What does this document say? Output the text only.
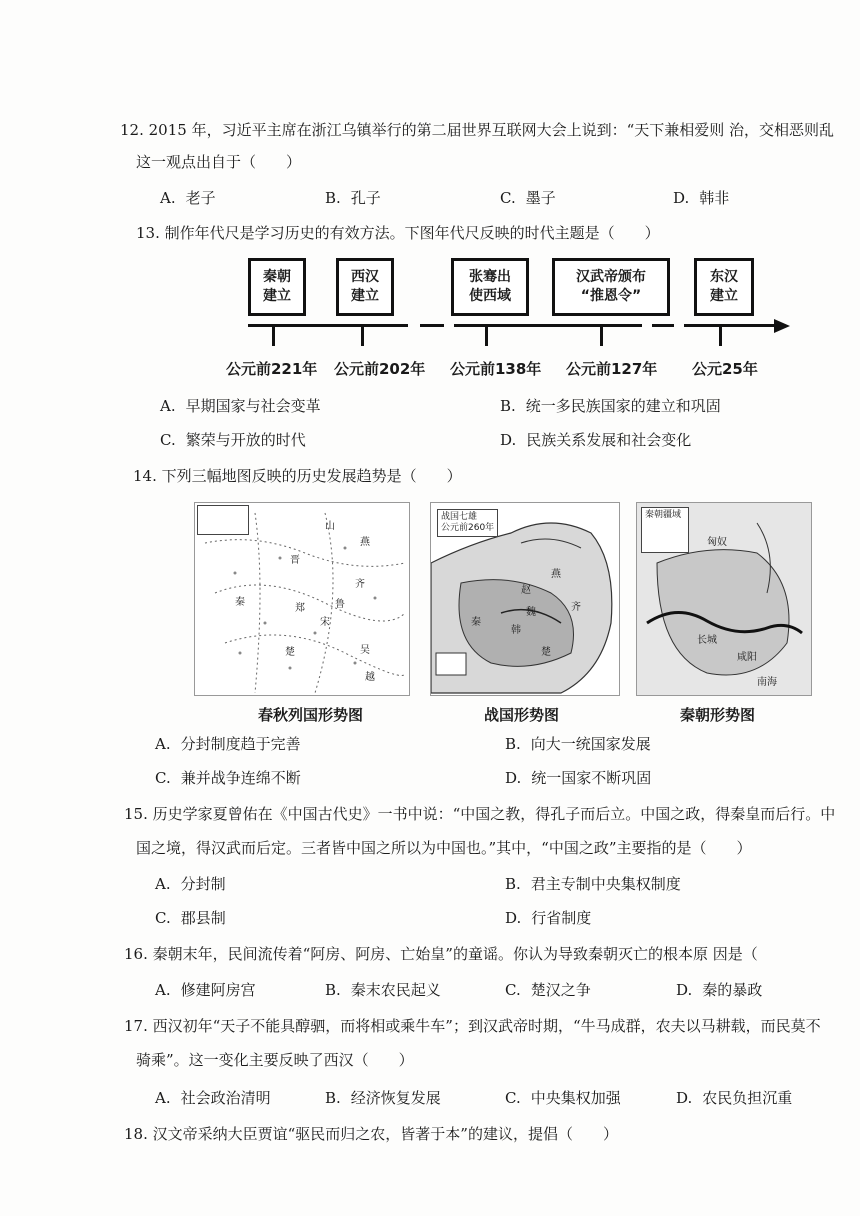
12. 2015 年，习近平主席在浙江乌镇举行的第二届世界互联网大会上说到：“天下兼相爱则 治，交相恶则乱
这一观点出自于（　　）
A. 老子	B. 孔子	C. 墨子	D. 韩非
13. 制作年代尺是学习历史的有效方法。下图年代尺反映的时代主题是（　　）
秦朝
建立
西汉
建立
张骞出
使西域
汉武帝颁布
“推恩令”
东汉
建立
公元前221年 公元前202年 公元前138年 公元前127年 公元25年
A. 早期国家与社会变革	B. 统一多民族国家的建立和巩固
C. 繁荣与开放的时代	D. 民族关系发展和社会变化
14. 下列三幅地图反映的历史发展趋势是（　　）
山
燕
晋
齐
鲁
宋
郑
楚
秦
吴
越
春秋列国形势图
战国七雄
公元前260年
燕
赵
齐
魏
韩
秦
楚
战国形势图
秦朝疆域
匈奴
长城
咸阳
南海
秦朝形势图
A. 分封制度趋于完善	B. 向大一统国家发展
C. 兼并战争连绵不断	D. 统一国家不断巩固
15. 历史学家夏曾佑在《中国古代史》一书中说：“中国之教，得孔子而后立。中国之政，得秦皇而后行。中
国之境，得汉武而后定。三者皆中国之所以为中国也。”其中，“中国之政”主要指的是（　　）
A. 分封制	B. 君主专制中央集权制度
C. 郡县制	D. 行省制度
16. 秦朝末年，民间流传着“阿房、阿房、亡始皇”的童谣。你认为导致秦朝灭亡的根本原 因是（
A. 修建阿房宫	B. 秦末农民起义	C. 楚汉之争	D. 秦的暴政
17. 西汉初年“天子不能具醇驷，而将相或乘牛车”；到汉武帝时期，“牛马成群，农夫以马耕载，而民莫不
骑乘”。这一变化主要反映了西汉（　　）
A. 社会政治清明	B. 经济恢复发展	C. 中央集权加强	D. 农民负担沉重
18. 汉文帝采纳大臣贾谊“驱民而归之农，皆著于本”的建议，提倡（　　）
